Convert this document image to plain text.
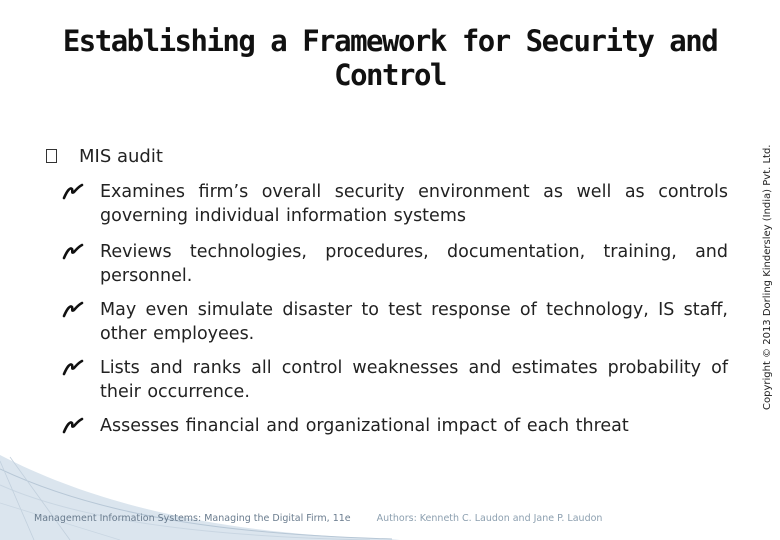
Establishing a Framework for Security and Control
MIS audit
Examines firm’s overall security environment as well as controls governing individual information systems
Reviews technologies, procedures, documentation, training, and personnel.
May even simulate disaster to test response of technology, IS staff, other employees.
Lists and ranks all control weaknesses and estimates probability of their occurrence.
Assesses financial and organizational impact of each threat
Copyright © 2013 Dorling Kindersley (India) Pvt. Ltd.
Management Information Systems: Managing the Digital Firm, 11e	Authors: Kenneth C. Laudon and Jane P. Laudon
